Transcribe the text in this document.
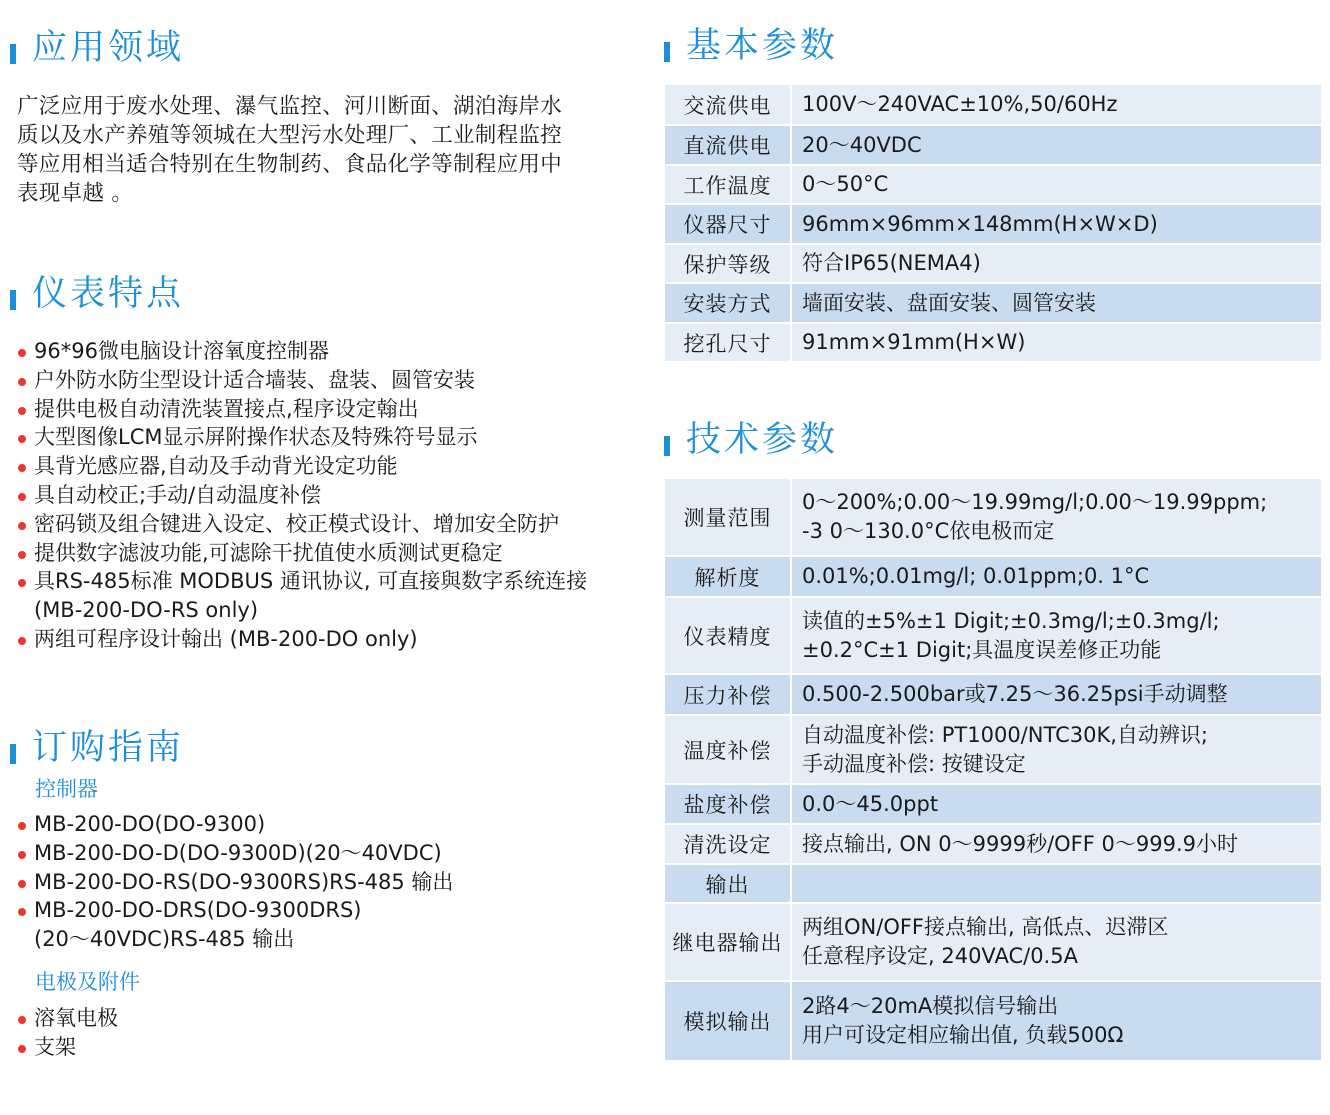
应用领域
广泛应用于废水处理、瀑气监控、河川断面、湖泊海岸水
质以及水产养殖等领城在大型污水处理厂、工业制程监控
等应用相当适合特别在生物制药、食品化学等制程应用中
表现卓越 。
仪表特点
96*96微电脑设计溶氧度控制器
户外防水防尘型设计适合墙装、盘装、圆管安装
提供电极自动清洗装置接点,程序设定翰出
大型图像LCM显示屏附操作状态及特殊符号显示
具背光感应器,自动及手动背光设定功能
具自动校正;手动/自动温度补偿
密码锁及组合键进入设定、校正模式设计、增加安全防护
提供数字滤波功能,可滤除干扰值使水质测试更稳定
具RS-485标准 MODBUS 通讯协议, 可直接與数字系统连接
(MB-200-DO-RS only)
两组可程序设计翰出 (MB-200-DO only)
订购指南
控制器
MB-200-DO(DO-9300)
MB-200-DO-D(DO-9300D)(20～40VDC)
MB-200-DO-RS(DO-9300RS)RS-485 输出
MB-200-DO-DRS(DO-9300DRS)
(20～40VDC)RS-485 输出
电极及附件
溶氧电极
支架
基本参数
交流供电	100V～240VAC±10%,50/60Hz

直流供电	20～40VDC

工作温度	0～50°C

仪器尺寸	96mm×96mm×148mm(H×W×D)

保护等级	符合IP65(NEMA4)

安装方式	墙面安装、盘面安装、圆管安装

挖孔尺寸	91mm×91mm(H×W)
技术参数
测量范围	0～200%;0.00～19.99mg/l;0.00～19.99ppm;
-3 0～130.0°C依电极而定

解析度	0.01%;0.01mg/l; 0.01ppm;0. 1°C

仪表精度	读值的±5%±1 Digit;±0.3mg/l;±0.3mg/l;
±0.2°C±1 Digit;具温度误差修正功能

压力补偿	0.500-2.500bar或7.25～36.25psi手动调整

温度补偿	自动温度补偿: PT1000/NTC30K,自动辨识;
手动温度补偿: 按键设定

盐度补偿	0.0～45.0ppt

清洗设定	接点输出, ON 0～9999秒/OFF 0～999.9小时

输出	

继电器输出	两组ON/OFF接点输出, 高低点、迟滞区
任意程序设定, 240VAC/0.5A

模拟输出	2路4～20mA模拟信号输出
用户可设定相应输出值, 负载500Ω
